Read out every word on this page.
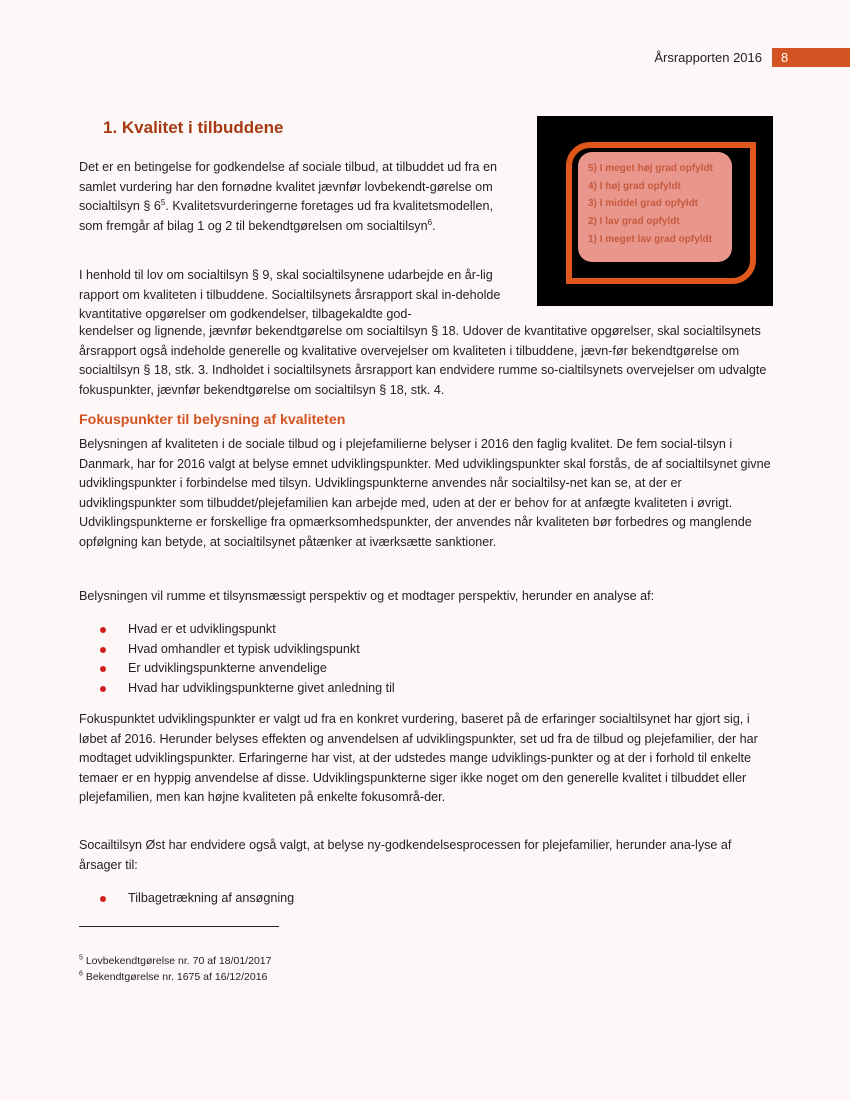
Årsrapporten 2016	8
1. Kvalitet i tilbuddene

Det er en betingelse for godkendelse af sociale tilbud, at tilbuddet ud fra en samlet vurdering har den fornødne kvalitet jævnfør lovbekendt-gørelse om socialtilsyn § $6^5$. Kvalitetsvurderingerne foretages ud fra kvalitetsmodellen, som fremgår af bilag 1 og 2 til bekendtgørelsen om socialtilsyn$^6$.

I henhold til lov om socialtilsyn § 9, skal socialtilsynene udarbejde en år-lig rapport om kvaliteten i tilbuddene. Socialtilsynets årsrapport skal in-deholde kvantitative opgørelser om godkendelser, tilbagekaldte god-

kendelser og lignende, jævnfør bekendtgørelse om socialtilsyn § 18. Udover de kvantitative opgørelser, skal socialtilsynets årsrapport også indeholde generelle og kvalitative overvejelser om kvaliteten i tilbuddene, jævn-før bekendtgørelse om socialtilsyn § 18, stk. 3. Indholdet i socialtilsynets årsrapport kan endvidere rumme so-cialtilsynets overvejelser om udvalgte fokuspunkter, jævnfør bekendtgørelse om socialtilsyn § 18, stk. 4.

5) I meget høj grad opfyldt
4) I høj grad opfyldt
3) I middel grad opfyldt
2) I lav grad opfyldt
1) I meget lav grad opfyldt
Fokuspunkter til belysning af kvaliteten

Belysningen af kvaliteten i de sociale tilbud og i plejefamilierne belyser i 2016 den faglig kvalitet. De fem social-tilsyn i Danmark, har for 2016 valgt at belyse emnet udviklingspunkter. Med udviklingspunkter skal forstås, de af socialtilsynet givne udviklingspunkter i forbindelse med tilsyn. Udviklingspunkterne anvendes når socialtilsy-net kan se, at der er udviklingspunkter som tilbuddet/plejefamilien kan arbejde med, uden at der er behov for at anfægte kvaliteten i øvrigt. Udviklingspunkterne er forskellige fra opmærksomhedspunkter, der anvendes når kvaliteten bør forbedres og manglende opfølgning kan betyde, at socialtilsynet påtænker at iværksætte sanktioner.

Belysningen vil rumme et tilsynsmæssigt perspektiv og et modtager perspektiv, herunder en analyse af:

Hvad er et udviklingspunkt
Hvad omhandler et typisk udviklingspunkt
Er udviklingspunkterne anvendelige
Hvad har udviklingspunkterne givet anledning til

Fokuspunktet udviklingspunkter er valgt ud fra en konkret vurdering, baseret på de erfaringer socialtilsynet har gjort sig, i løbet af 2016. Herunder belyses effekten og anvendelsen af udviklingspunkter, set ud fra de tilbud og plejefamilier, der har modtaget udviklingspunkter. Erfaringerne har vist, at der udstedes mange udviklings-punkter og at der i forhold til enkelte temaer er en hyppig anvendelse af disse. Udviklingspunkterne siger ikke noget om den generelle kvalitet i tilbuddet eller plejefamilien, men kan højne kvaliteten på enkelte fokusområ-der.

Socailtilsyn Øst har endvidere også valgt, at belyse ny-godkendelsesprocessen for plejefamilier, herunder ana-lyse af årsager til:

Tilbagetrækning af ansøgning
$^5$ Lovbekendtgørelse nr. 70 af 18/01/2017
$^6$ Bekendtgørelse nr. 1675 af 16/12/2016
